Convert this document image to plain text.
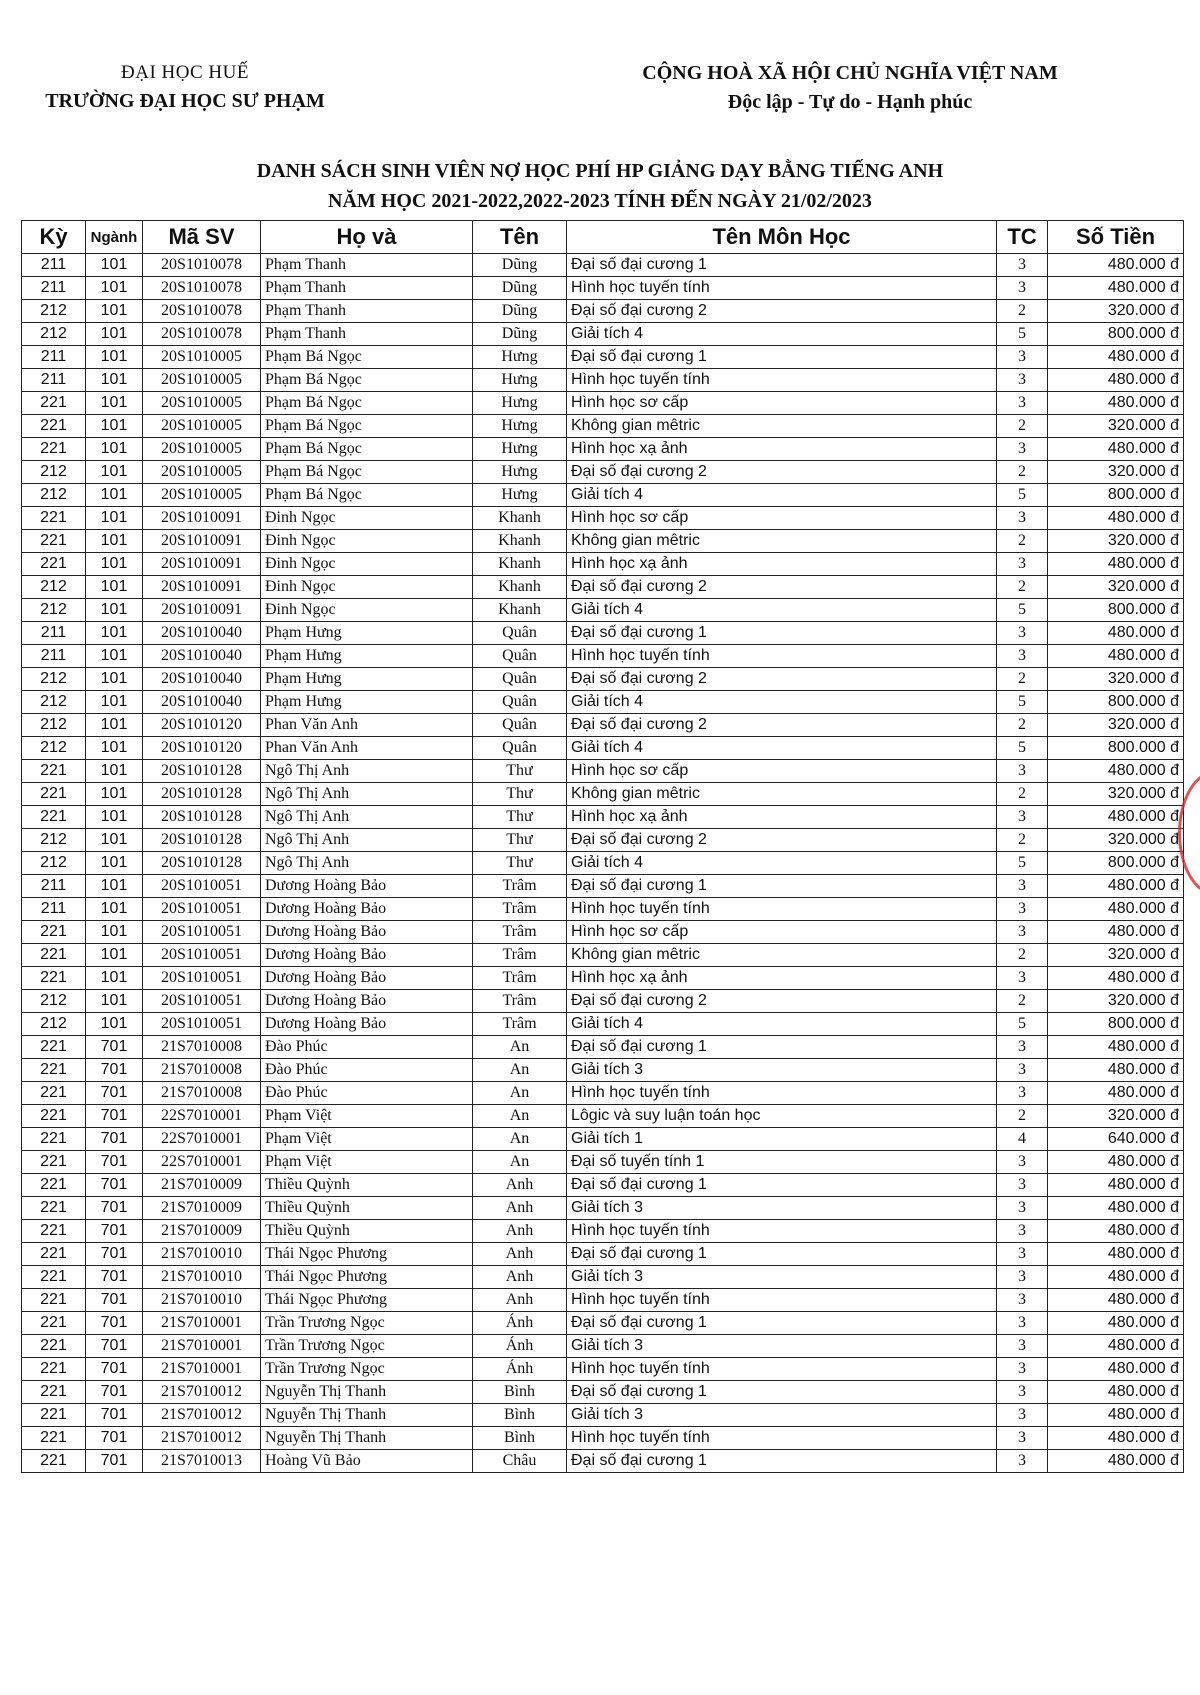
ĐẠI HỌC HUẾ
TRƯỜNG ĐẠI HỌC SƯ PHẠM
CỘNG HOÀ XÃ HỘI CHỦ NGHĨA VIỆT NAM
Độc lập - Tự do - Hạnh phúc
DANH SÁCH SINH VIÊN NỢ HỌC PHÍ HP GIẢNG DẠY BẰNG TIẾNG ANH
NĂM HỌC 2021-2022,2022-2023 TÍNH ĐẾN NGÀY 21/02/2023
Kỳ	Ngành	Mã SV	Họ và	Tên	Tên Môn Học	TC	Số Tiền
211	101	20S1010078	Phạm Thanh	Dũng	Đại số đại cương 1	3	480.000 đ
211	101	20S1010078	Phạm Thanh	Dũng	Hình học tuyến tính	3	480.000 đ
212	101	20S1010078	Phạm Thanh	Dũng	Đại số đại cương 2	2	320.000 đ
212	101	20S1010078	Phạm Thanh	Dũng	Giải tích 4	5	800.000 đ
211	101	20S1010005	Phạm Bá Ngọc	Hưng	Đại số đại cương 1	3	480.000 đ
211	101	20S1010005	Phạm Bá Ngọc	Hưng	Hình học tuyến tính	3	480.000 đ
221	101	20S1010005	Phạm Bá Ngọc	Hưng	Hình học sơ cấp	3	480.000 đ
221	101	20S1010005	Phạm Bá Ngọc	Hưng	Không gian mêtric	2	320.000 đ
221	101	20S1010005	Phạm Bá Ngọc	Hưng	Hình học xạ ảnh	3	480.000 đ
212	101	20S1010005	Phạm Bá Ngọc	Hưng	Đại số đại cương 2	2	320.000 đ
212	101	20S1010005	Phạm Bá Ngọc	Hưng	Giải tích 4	5	800.000 đ
221	101	20S1010091	Đinh Ngọc	Khanh	Hình học sơ cấp	3	480.000 đ
221	101	20S1010091	Đinh Ngọc	Khanh	Không gian mêtric	2	320.000 đ
221	101	20S1010091	Đinh Ngọc	Khanh	Hình học xạ ảnh	3	480.000 đ
212	101	20S1010091	Đinh Ngọc	Khanh	Đại số đại cương 2	2	320.000 đ
212	101	20S1010091	Đinh Ngọc	Khanh	Giải tích 4	5	800.000 đ
211	101	20S1010040	Phạm Hưng	Quân	Đại số đại cương 1	3	480.000 đ
211	101	20S1010040	Phạm Hưng	Quân	Hình học tuyến tính	3	480.000 đ
212	101	20S1010040	Phạm Hưng	Quân	Đại số đại cương 2	2	320.000 đ
212	101	20S1010040	Phạm Hưng	Quân	Giải tích 4	5	800.000 đ
212	101	20S1010120	Phan Văn Anh	Quân	Đại số đại cương 2	2	320.000 đ
212	101	20S1010120	Phan Văn Anh	Quân	Giải tích 4	5	800.000 đ
221	101	20S1010128	Ngô Thị Anh	Thư	Hình học sơ cấp	3	480.000 đ
221	101	20S1010128	Ngô Thị Anh	Thư	Không gian mêtric	2	320.000 đ
221	101	20S1010128	Ngô Thị Anh	Thư	Hình học xạ ảnh	3	480.000 đ
212	101	20S1010128	Ngô Thị Anh	Thư	Đại số đại cương 2	2	320.000 đ
212	101	20S1010128	Ngô Thị Anh	Thư	Giải tích 4	5	800.000 đ
211	101	20S1010051	Dương Hoàng Bảo	Trâm	Đại số đại cương 1	3	480.000 đ
211	101	20S1010051	Dương Hoàng Bảo	Trâm	Hình học tuyến tính	3	480.000 đ
221	101	20S1010051	Dương Hoàng Bảo	Trâm	Hình học sơ cấp	3	480.000 đ
221	101	20S1010051	Dương Hoàng Bảo	Trâm	Không gian mêtric	2	320.000 đ
221	101	20S1010051	Dương Hoàng Bảo	Trâm	Hình học xạ ảnh	3	480.000 đ
212	101	20S1010051	Dương Hoàng Bảo	Trâm	Đại số đại cương 2	2	320.000 đ
212	101	20S1010051	Dương Hoàng Bảo	Trâm	Giải tích 4	5	800.000 đ
221	701	21S7010008	Đào Phúc	An	Đại số đại cương 1	3	480.000 đ
221	701	21S7010008	Đào Phúc	An	Giải tích 3	3	480.000 đ
221	701	21S7010008	Đào Phúc	An	Hình học tuyến tính	3	480.000 đ
221	701	22S7010001	Phạm Việt	An	Lôgic và suy luận toán học	2	320.000 đ
221	701	22S7010001	Phạm Việt	An	Giải tích 1	4	640.000 đ
221	701	22S7010001	Phạm Việt	An	Đại số tuyến tính 1	3	480.000 đ
221	701	21S7010009	Thiều Quỳnh	Anh	Đại số đại cương 1	3	480.000 đ
221	701	21S7010009	Thiều Quỳnh	Anh	Giải tích 3	3	480.000 đ
221	701	21S7010009	Thiều Quỳnh	Anh	Hình học tuyến tính	3	480.000 đ
221	701	21S7010010	Thái Ngọc Phương	Anh	Đại số đại cương 1	3	480.000 đ
221	701	21S7010010	Thái Ngọc Phương	Anh	Giải tích 3	3	480.000 đ
221	701	21S7010010	Thái Ngọc Phương	Anh	Hình học tuyến tính	3	480.000 đ
221	701	21S7010001	Trần Trương Ngọc	Ánh	Đại số đại cương 1	3	480.000 đ
221	701	21S7010001	Trần Trương Ngọc	Ánh	Giải tích 3	3	480.000 đ
221	701	21S7010001	Trần Trương Ngọc	Ánh	Hình học tuyến tính	3	480.000 đ
221	701	21S7010012	Nguyễn Thị Thanh	Bình	Đại số đại cương 1	3	480.000 đ
221	701	21S7010012	Nguyễn Thị Thanh	Bình	Giải tích 3	3	480.000 đ
221	701	21S7010012	Nguyễn Thị Thanh	Bình	Hình học tuyến tính	3	480.000 đ
221	701	21S7010013	Hoàng Vũ Bảo	Châu	Đại số đại cương 1	3	480.000 đ
